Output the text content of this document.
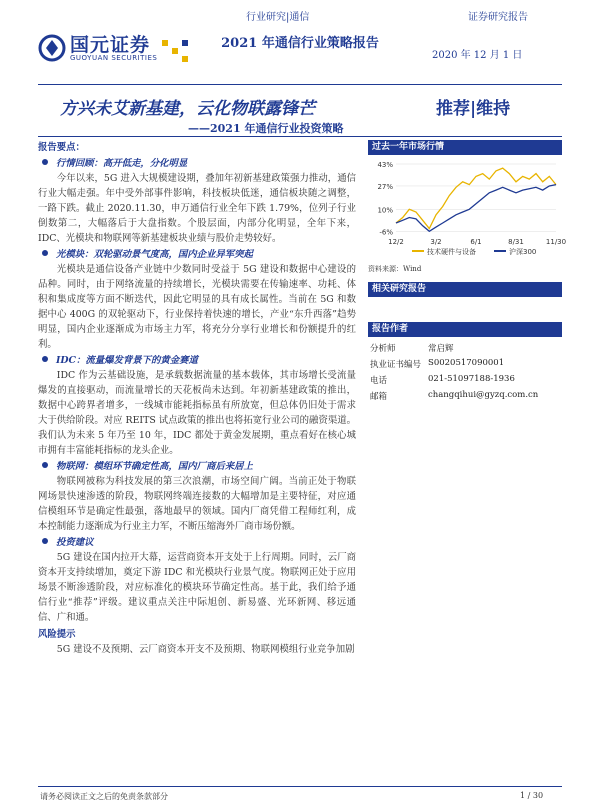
国元证券
GUOYUAN SECURITIES
行业研究|通信	证券研究报告
2021 年通信行业策略报告
2020 年 12 月 1 日
方兴未艾新基建，云化物联露锋芒	推荐|维持
——2021 年通信行业投资策略
报告要点：
行情回顾：高开低走，分化明显
今年以来，5G 进入大规模建设期，叠加年初新基建政策强力推动，通信行业大幅走强。年中受外部事件影响，科技板块低迷，通信板块随之调整，一路下跌。截止 2020.11.30，申万通信行业全年下跌 1.79%，位列子行业倒数第二，大幅落后于大盘指数。个股层面，内部分化明显，全年下来，IDC、光模块和物联网等新基建板块业绩与股价走势较好。
光模块：双轮驱动景气度高，国内企业异军突起
光模块是通信设备产业链中少数同时受益于 5G 建设和数据中心建设的品种。同时，由于网络流量的持续增长，光模块需要在传输速率、功耗、体积和集成度等方面不断迭代，因此它明显的具有成长属性。当前在 5G 和数据中心 400G 的双轮驱动下，行业保持着快速的增长，产业“东升西落”趋势明显，国内企业逐渐成为市场主力军，将充分分享行业增长和份额提升的红利。
IDC：流量爆发背景下的黄金赛道
IDC 作为云基础设施，是承载数据流量的基本载体，其市场增长受流量爆发的直接驱动，而流量增长的天花板尚未达到。年初新基建政策的推出，数据中心跨界者增多，一线城市能耗指标虽有所放宽，但总体仍旧处于需求大于供给阶段。对应 REITS 试点政策的推出也将拓宽行业公司的融资渠道。我们认为未来 5 年乃至 10 年，IDC 都处于黄金发展期，重点看好在核心城市拥有丰富能耗指标的龙头企业。
物联网：模组环节确定性高，国内厂商后来居上
物联网被称为科技发展的第三次浪潮，市场空间广阔。当前正处于物联网场景快速渗透的阶段，物联网终端连接数的大幅增加是主要特征，对应通信模组环节是确定性最强，落地最早的领域。国内厂商凭借工程师红利，成本控制能力逐渐成为行业主力军，不断压缩海外厂商市场份额。
投资建议
5G 建设在国内拉开大幕，运营商资本开支处于上行周期。同时，云厂商资本开支持续增加，奠定下游 IDC 和光模块行业景气度。物联网正处于应用场景不断渗透阶段，对应标准化的模块环节确定性高。基于此，我们给予通信行业“推荐”评级。建议重点关注中际旭创、新易盛、光环新网、移远通信、广和通。
风险提示
5G 建设不及预期、云厂商资本开支不及预期、物联网模组行业竞争加剧
过去一年市场行情
43%
27%
10%
-6%
12/2	3/2	6/1	8/31	11/30
技术硬件与设备	沪深300
资料来源：Wind
相关研究报告
报告作者
分析师	常启辉
执业证书编号 S0020517090001
电话	021-51097188-1936
邮箱	changqihui@gyzq.com.cn
请务必阅读正文之后的免责条款部分	1 / 30
